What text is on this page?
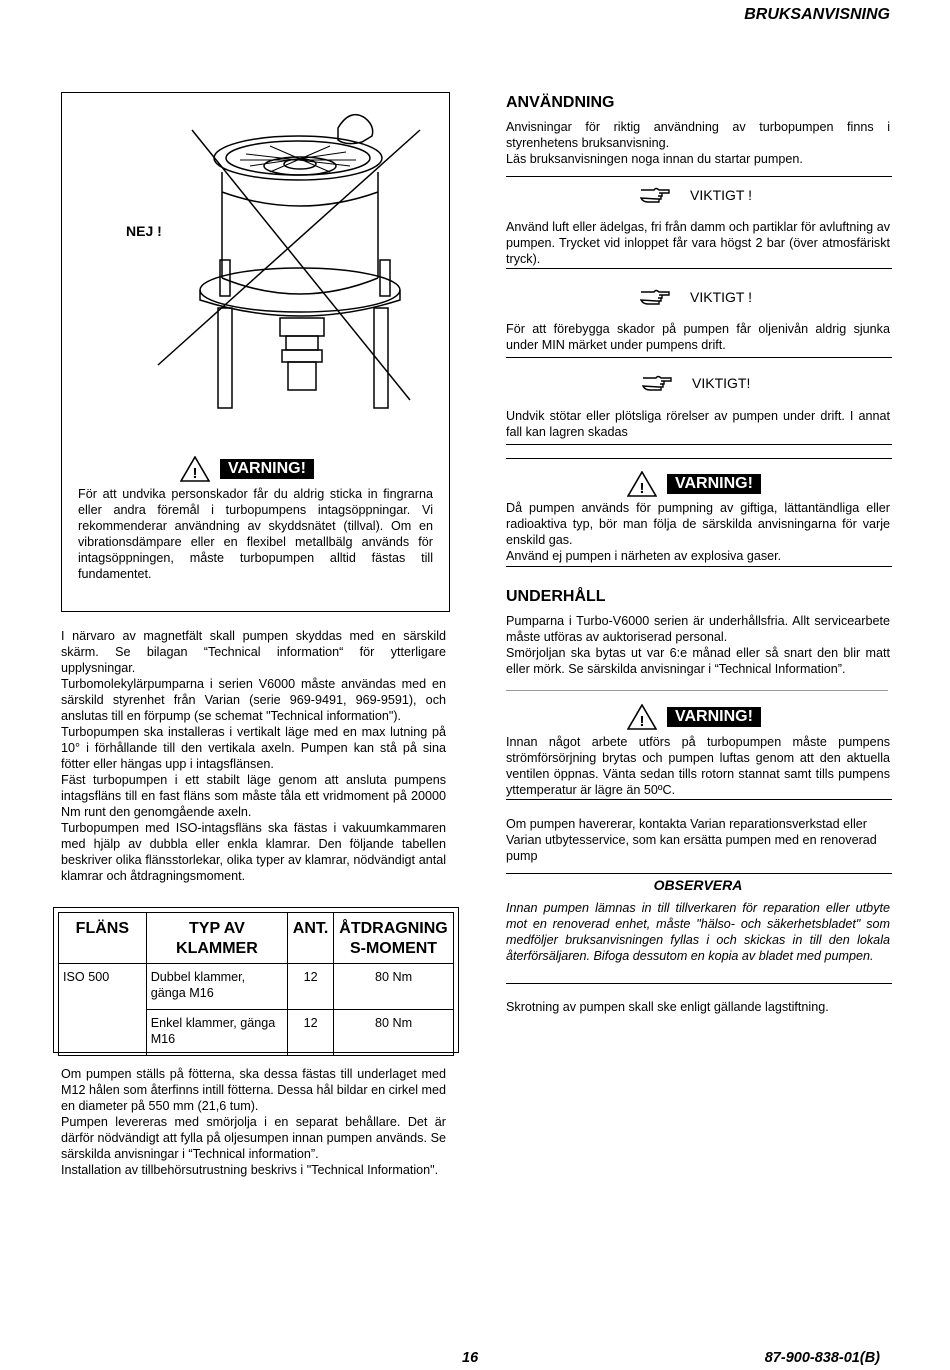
BRUKSANVISNING
NEJ !
!	VARNING!

För att undvika personskador får du aldrig sticka in fingrarna eller andra föremål i turbopumpens intagsöppningar. Vi rekommenderar användning av skyddsnätet (tillval). Om en vibrationsdämpare eller en flexibel metallbälg används för intagsöppningen, måste turbopumpen alltid fästas till fundamentet.

I närvaro av magnetfält skall pumpen skyddas med en särskild skärm. Se bilagan “Technical information“ för ytterligare upplysningar.

Turbomolekylärpumparna i serien V6000 måste användas med en särskild styrenhet från Varian (serie 969-9491, 969-9591), och anslutas till en förpump (se schemat "Technical information").

Turbopumpen ska installeras i vertikalt läge med en max lutning på 10° i förhållande till den vertikala axeln. Pumpen kan stå på sina fötter eller hängas upp i intagsflänsen.

Fäst turbopumpen i ett stabilt läge genom att ansluta pumpens intagsfläns till en fast fläns som måste tåla ett vridmoment på 20000 Nm runt den genomgående axeln.

Turbopumpen med ISO-intagsfläns ska fästas i vakuumkammaren med hjälp av dubbla eller enkla klamrar. Den följande tabellen beskriver olika flänsstorlekar, olika typer av klamrar, nödvändigt antal klamrar och åtdragningsmoment.

FLÄNS	TYP AV KLAMMER	ANT.	ÅTDRAGNING S-MOMENT
ISO 500	Dubbel klammer, gänga M16	12	80 Nm
	Enkel klammer, gänga M16	12	80 Nm

Om pumpen ställs på fötterna, ska dessa fästas till underlaget med M12 hålen som återfinns intill fötterna. Dessa hål bildar en cirkel med en diameter på 550 mm (21,6 tum).

Pumpen levereras med smörjolja i en separat behållare. Det är därför nödvändigt att fylla på oljesumpen innan pumpen används. Se särskilda anvisningar i “Technical information”.

Installation av tillbehörsutrustning beskrivs i "Technical Information".

ANVÄNDNING

Anvisningar för riktig användning av turbopumpen finns i styrenhetens bruksanvisning.

Läs bruksanvisningen noga innan du startar pumpen.

VIKTIGT !

Använd luft eller ädelgas, fri från damm och partiklar för avluftning av pumpen. Trycket vid inloppet får vara högst 2 bar (över atmosfäriskt tryck).

VIKTIGT !

För att förebygga skador på pumpen får oljenivån aldrig sjunka under MIN märket under pumpens drift.

VIKTIGT!

Undvik stötar eller plötsliga rörelser av pumpen under drift. I annat fall kan lagren skadas

!	VARNING!

Då pumpen används för pumpning av giftiga, lättantändliga eller radioaktiva typ, bör man följa de särskilda anvisningarna för varje enskild gas.

Använd ej pumpen i närheten av explosiva gaser.

UNDERHÅLL

Pumparna i Turbo-V6000 serien är underhållsfria. Allt servicearbete måste utföras av auktoriserad personal.

Smörjoljan ska bytas ut var 6:e månad eller så snart den blir matt eller mörk. Se särskilda anvisningar i “Technical Information”.

!	VARNING!

Innan något arbete utförs på turbopumpen måste pumpens strömförsörjning brytas och pumpen luftas genom att den aktuella ventilen öppnas. Vänta sedan tills rotorn stannat samt tills pumpens yttemperatur är lägre än 50ºC.

Om pumpen havererar, kontakta Varian reparationsverkstad eller Varian utbytesservice, som kan ersätta pumpen med en renoverad pump

OBSERVERA

Innan pumpen lämnas in till tillverkaren för reparation eller utbyte mot en renoverad enhet, måste "hälso- och säkerhetsbladet" som medföljer bruksanvisningen fyllas i och skickas in till den lokala återförsäljaren. Bifoga dessutom en kopia av bladet med pumpen.

Skrotning av pumpen skall ske enligt gällande lagstiftning.

16	87-900-838-01(B)
